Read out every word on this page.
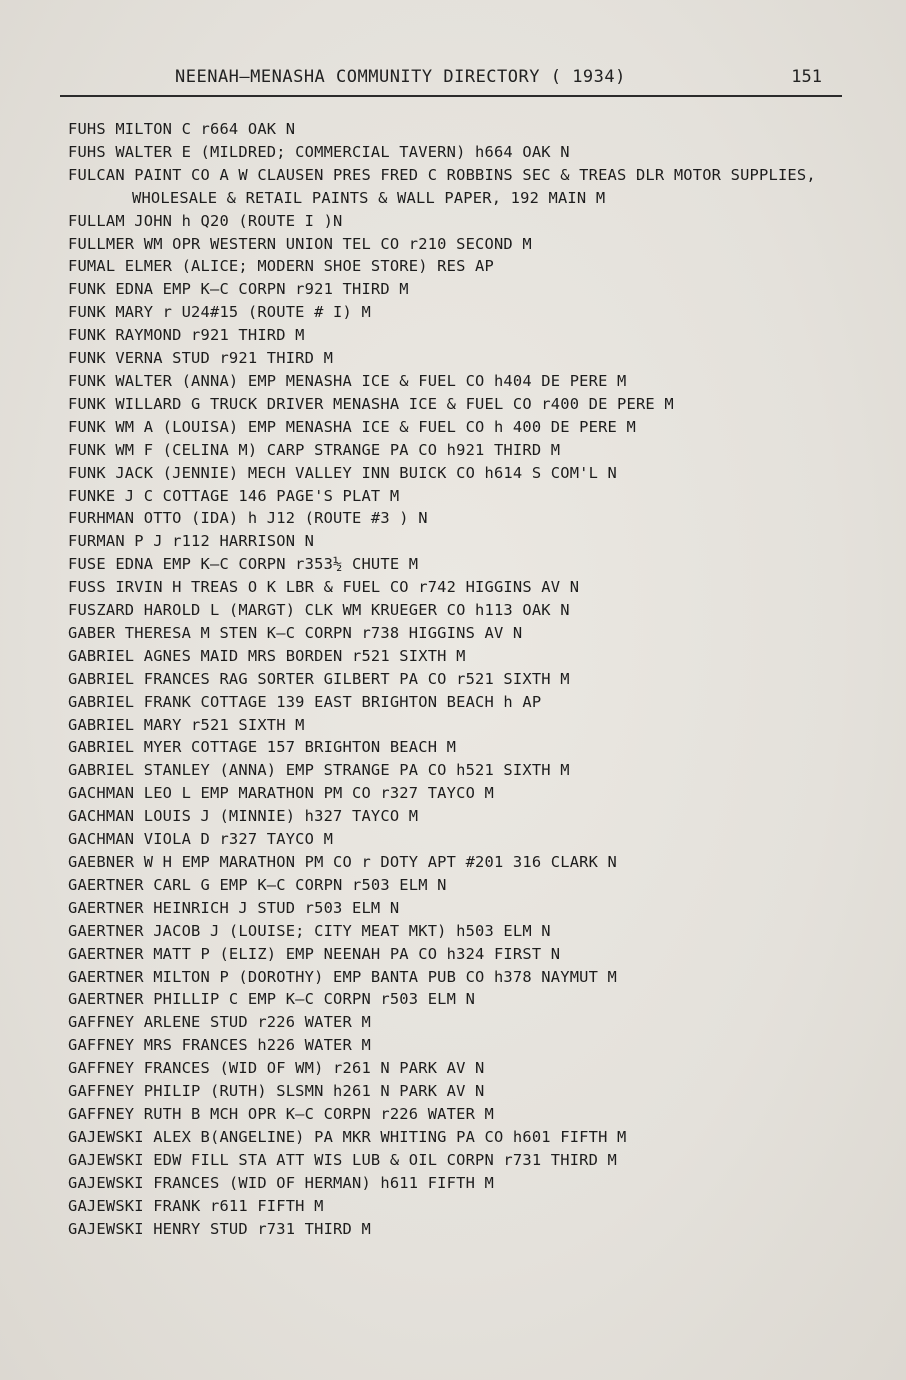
NEENAH—MENASHA COMMUNITY DIRECTORY ( 1934)	151
FUHS MILTON C r664 OAK N
FUHS WALTER E (MILDRED; COMMERCIAL TAVERN) h664 OAK N
FULCAN PAINT CO A W CLAUSEN PRES FRED C ROBBINS SEC & TREAS DLR MOTOR SUPPLIES, WHOLESALE & RETAIL PAINTS & WALL PAPER, 192 MAIN M
FULLAM JOHN h Q20 (ROUTE I )N
FULLMER WM OPR WESTERN UNION TEL CO r210 SECOND M
FUMAL ELMER (ALICE; MODERN SHOE STORE) RES AP
FUNK EDNA EMP K—C CORPN r921 THIRD M
FUNK MARY r U24#15 (ROUTE # I) M
FUNK RAYMOND r921 THIRD M
FUNK VERNA STUD r921 THIRD M
FUNK WALTER (ANNA) EMP MENASHA ICE & FUEL CO h404 DE PERE M
FUNK WILLARD G TRUCK DRIVER MENASHA ICE & FUEL CO r400 DE PERE M
FUNK WM A (LOUISA) EMP MENASHA ICE & FUEL CO h 400 DE PERE M
FUNK WM F (CELINA M) CARP STRANGE PA CO h921 THIRD M
FUNK JACK (JENNIE) MECH VALLEY INN BUICK CO h614 S COM'L N
FUNKE J C COTTAGE 146 PAGE'S PLAT M
FURHMAN OTTO (IDA) h J12 (ROUTE #3 ) N
FURMAN P J r112 HARRISON N
FUSE EDNA EMP K—C CORPN r353½ CHUTE M
FUSS IRVIN H TREAS O K LBR & FUEL CO r742 HIGGINS AV N
FUSZARD HAROLD L (MARGT) CLK WM KRUEGER CO h113 OAK N
GABER THERESA M STEN K—C CORPN r738 HIGGINS AV N
GABRIEL AGNES MAID MRS BORDEN r521 SIXTH M
GABRIEL FRANCES RAG SORTER GILBERT PA CO r521 SIXTH M
GABRIEL FRANK COTTAGE 139 EAST BRIGHTON BEACH h AP
GABRIEL MARY r521 SIXTH M
GABRIEL MYER COTTAGE 157 BRIGHTON BEACH M
GABRIEL STANLEY (ANNA) EMP STRANGE PA CO h521 SIXTH M
GACHMAN LEO L EMP MARATHON PM CO r327 TAYCO M
GACHMAN LOUIS J (MINNIE) h327 TAYCO M
GACHMAN VIOLA D r327 TAYCO M
GAEBNER W H EMP MARATHON PM CO r DOTY APT #201 316 CLARK N
GAERTNER CARL G EMP K—C CORPN r503 ELM N
GAERTNER HEINRICH J STUD r503 ELM N
GAERTNER JACOB J (LOUISE; CITY MEAT MKT) h503 ELM N
GAERTNER MATT P (ELIZ) EMP NEENAH PA CO h324 FIRST N
GAERTNER MILTON P (DOROTHY) EMP BANTA PUB CO h378 NAYMUT M
GAERTNER PHILLIP C EMP K—C CORPN r503 ELM N
GAFFNEY ARLENE STUD r226 WATER M
GAFFNEY MRS FRANCES h226 WATER M
GAFFNEY FRANCES (WID OF WM) r261 N PARK AV N
GAFFNEY PHILIP (RUTH) SLSMN h261 N PARK AV N
GAFFNEY RUTH B MCH OPR K—C CORPN r226 WATER M
GAJEWSKI ALEX B(ANGELINE) PA MKR WHITING PA CO h601 FIFTH M
GAJEWSKI EDW FILL STA ATT WIS LUB & OIL CORPN r731 THIRD M
GAJEWSKI FRANCES (WID OF HERMAN) h611 FIFTH M
GAJEWSKI FRANK r611 FIFTH M
GAJEWSKI HENRY STUD r731 THIRD M
